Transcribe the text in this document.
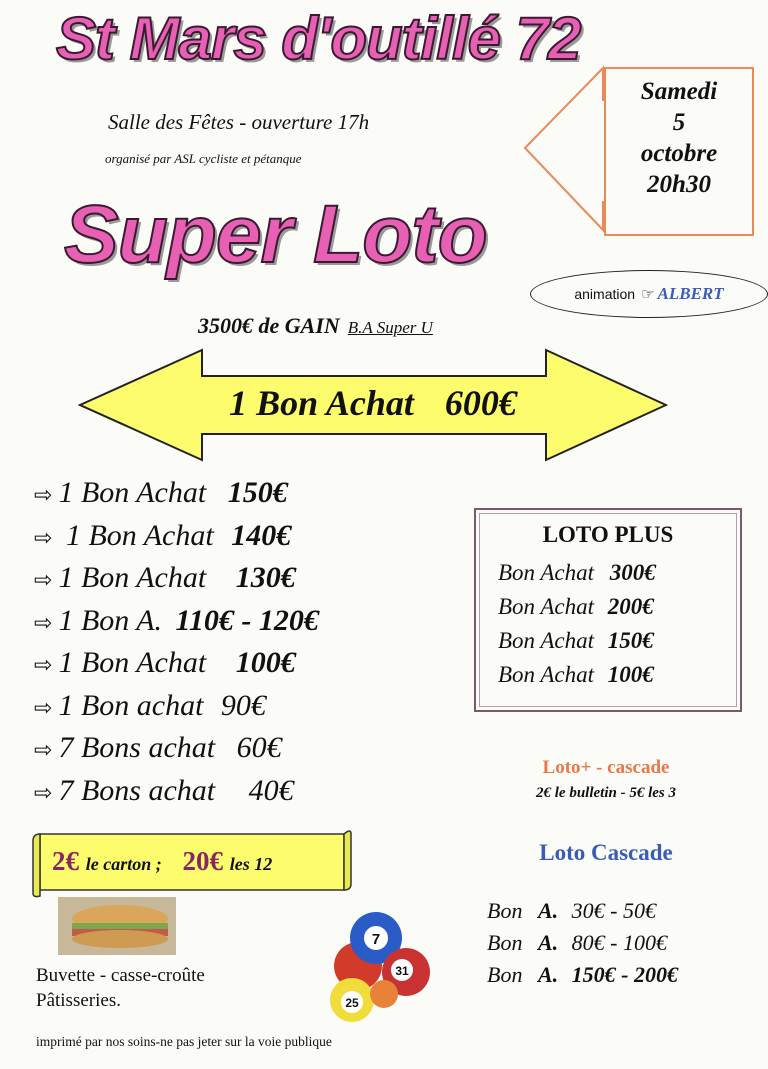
St Mars d'outillé 72
Salle des Fêtes - ouverture 17h
organisé par ASL cycliste et pétanque
Samedi
5
octobre
20h30
Super Loto
animation ☞ ALBERT
3500€ de GAIN B.A Super U
1 Bon Achat 600€
⇨ 1 Bon Achat 150€
⇨ 1 Bon Achat 140€
⇨ 1 Bon Achat 130€
⇨ 1 Bon A. 110€ - 120€
⇨ 1 Bon Achat 100€
⇨ 1 Bon achat 90€
⇨ 7 Bons achat 60€
⇨ 7 Bons achat 40€
LOTO PLUS
Bon Achat 300€
Bon Achat 200€
Bon Achat 150€
Bon Achat 100€
Loto+ - cascade
2€ le bulletin - 5€ les 3
Loto Cascade
Bon A. 30€ - 50€
Bon A. 80€ - 100€
Bon A. 150€ - 200€
2€ le carton ; 20€ les 12
Buvette - casse-croûte
Pâtisseries.
7
31
25
imprimé par nos soins-ne pas jeter sur la voie publique
